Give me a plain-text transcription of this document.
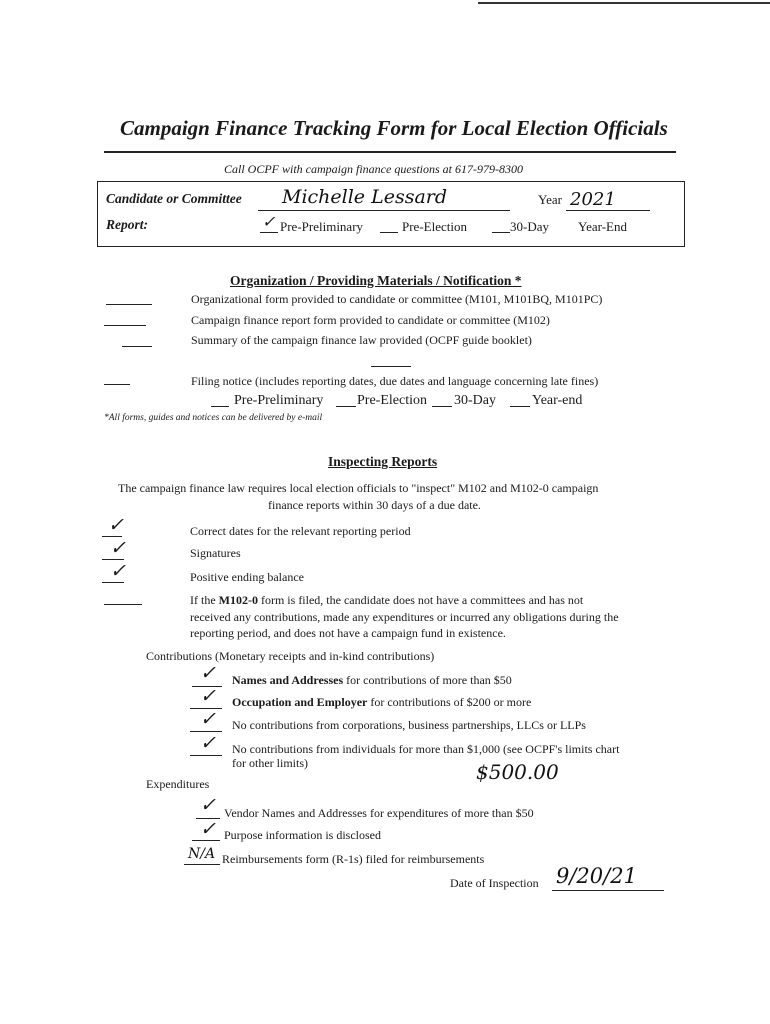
Campaign Finance Tracking Form for Local Election Officials
Call OCPF with campaign finance questions at 617-979-8300
Candidate or Committee Michelle Lessard	Year 2021
Report:	✓ Pre-Preliminary	Pre-Election	30-Day Year-End
Organization / Providing Materials / Notification *
Organizational form provided to candidate or committee (M101, M101BQ, M101PC)
Campaign finance report form provided to candidate or committee (M102)
Summary of the campaign finance law provided (OCPF guide booklet)
Filing notice (includes reporting dates, due dates and language concerning late fines)
Pre-Preliminary Pre-Election 30-Day	Year-end
*All forms, guides and notices can be delivered by e-mail
Inspecting Reports
The campaign finance law requires local election officials to "inspect" M102 and M102-0 campaign
finance reports within 30 days of a due date.
✓	Correct dates for the relevant reporting period
✓	Signatures
✓	Positive ending balance
If the M102-0 form is filed, the candidate does not have a committees and has not
received any contributions, made any expenditures or incurred any obligations during the
reporting period, and does not have a campaign fund in existence.
Contributions (Monetary receipts and in-kind contributions)
✓ Names and Addresses for contributions of more than $50
✓ Occupation and Employer for contributions of $200 or more
✓ No contributions from corporations, business partnerships, LLCs or LLPs
✓ No contributions from individuals for more than $1,000 (see OCPF's limits chart
for other limits)	$500.00
Expenditures
✓ Vendor Names and Addresses for expenditures of more than $50
✓ Purpose information is disclosed
N/A Reimbursements form (R-1s) filed for reimbursements
Date of Inspection 9/20/21
